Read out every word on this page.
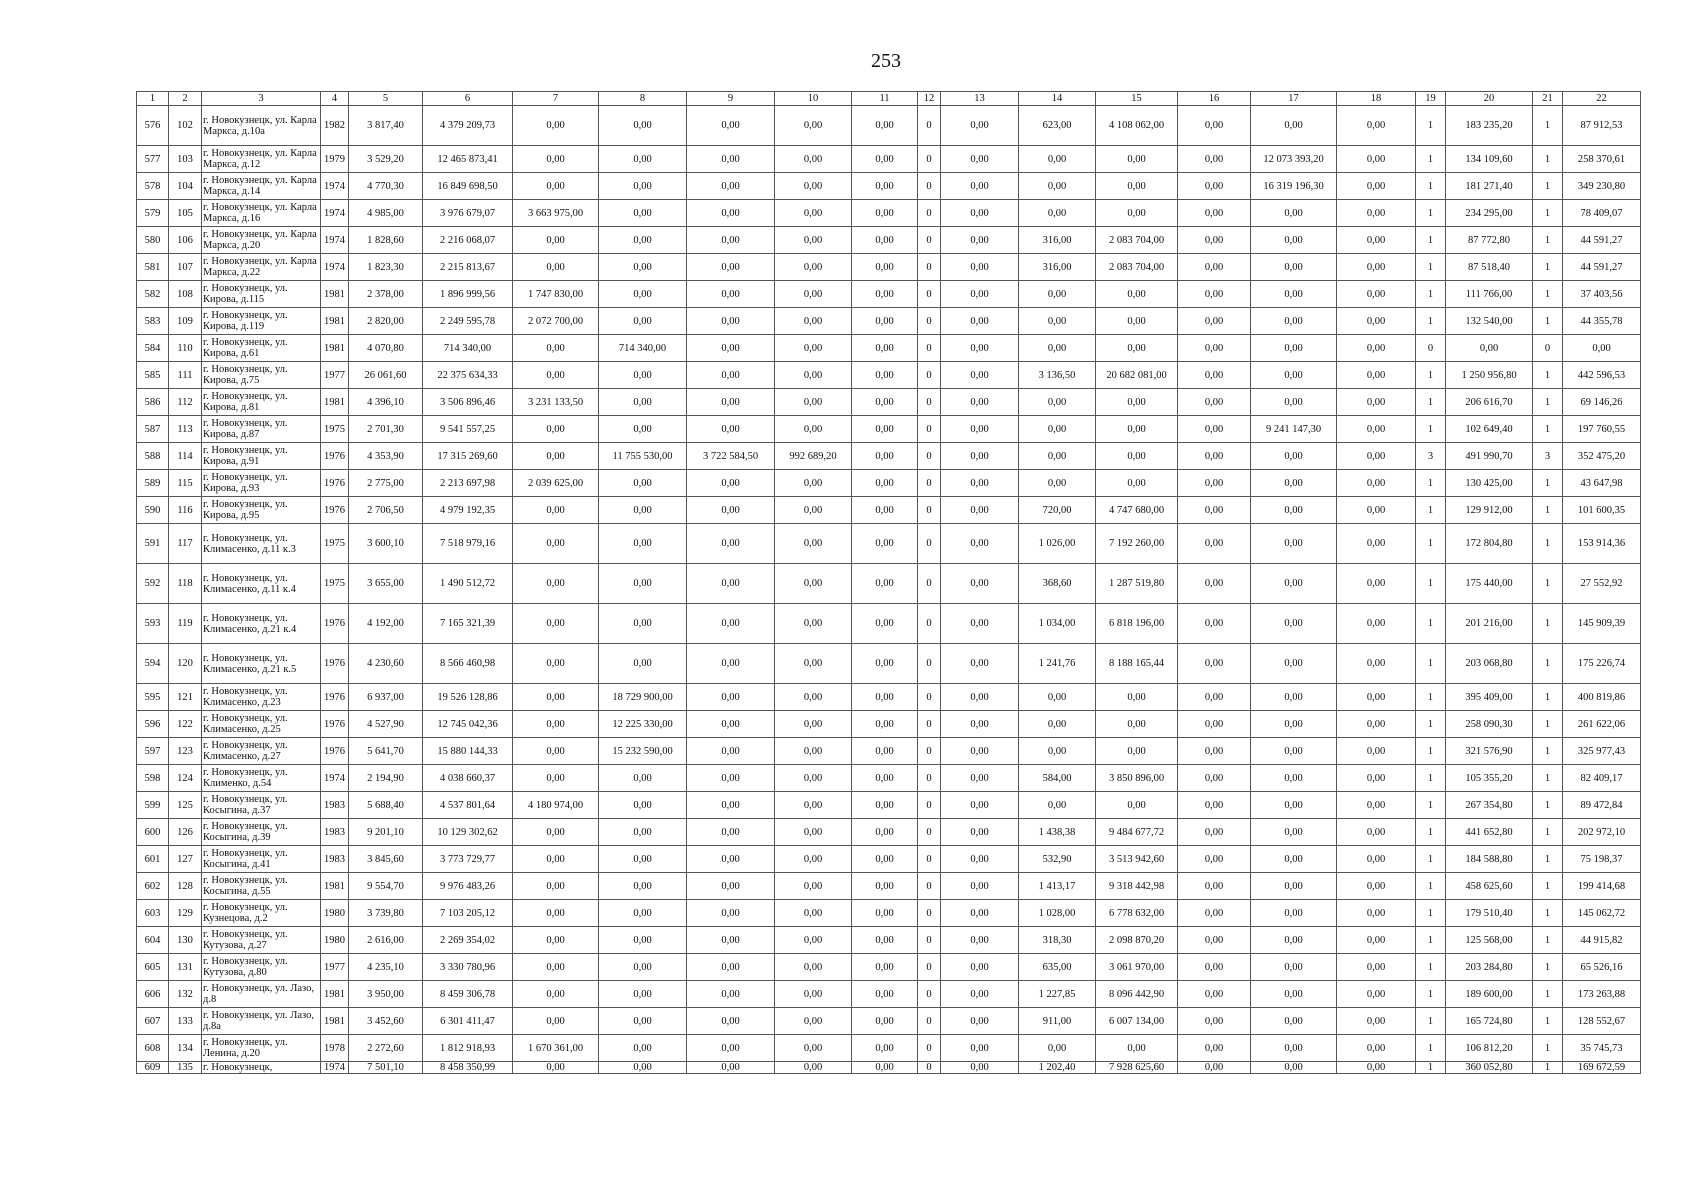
253
1	2	3	4	5	6	7	8	9	10	11	12	13	14	15	16	17	18	19	20	21	22
576	102	г. Новокузнецк, ул. Карла Маркса, д.10а	1982	3 817,40	4 379 209,73	0,00	0,00	0,00	0,00	0,00	0	0,00	623,00	4 108 062,00	0,00	0,00	0,00	1	183 235,20	1	87 912,53
577	103	г. Новокузнецк, ул. Карла Маркса, д.12	1979	3 529,20	12 465 873,41	0,00	0,00	0,00	0,00	0,00	0	0,00	0,00	0,00	0,00	12 073 393,20	0,00	1	134 109,60	1	258 370,61
578	104	г. Новокузнецк, ул. Карла Маркса, д.14	1974	4 770,30	16 849 698,50	0,00	0,00	0,00	0,00	0,00	0	0,00	0,00	0,00	0,00	16 319 196,30	0,00	1	181 271,40	1	349 230,80
579	105	г. Новокузнецк, ул. Карла Маркса, д.16	1974	4 985,00	3 976 679,07	3 663 975,00	0,00	0,00	0,00	0,00	0	0,00	0,00	0,00	0,00	0,00	0,00	1	234 295,00	1	78 409,07
580	106	г. Новокузнецк, ул. Карла Маркса, д.20	1974	1 828,60	2 216 068,07	0,00	0,00	0,00	0,00	0,00	0	0,00	316,00	2 083 704,00	0,00	0,00	0,00	1	87 772,80	1	44 591,27
581	107	г. Новокузнецк, ул. Карла Маркса, д.22	1974	1 823,30	2 215 813,67	0,00	0,00	0,00	0,00	0,00	0	0,00	316,00	2 083 704,00	0,00	0,00	0,00	1	87 518,40	1	44 591,27
582	108	г. Новокузнецк, ул. Кирова, д.115	1981	2 378,00	1 896 999,56	1 747 830,00	0,00	0,00	0,00	0,00	0	0,00	0,00	0,00	0,00	0,00	0,00	1	111 766,00	1	37 403,56
583	109	г. Новокузнецк, ул. Кирова, д.119	1981	2 820,00	2 249 595,78	2 072 700,00	0,00	0,00	0,00	0,00	0	0,00	0,00	0,00	0,00	0,00	0,00	1	132 540,00	1	44 355,78
584	110	г. Новокузнецк, ул. Кирова, д.61	1981	4 070,80	714 340,00	0,00	714 340,00	0,00	0,00	0,00	0	0,00	0,00	0,00	0,00	0,00	0,00	0	0,00	0	0,00
585	111	г. Новокузнецк, ул. Кирова, д.75	1977	26 061,60	22 375 634,33	0,00	0,00	0,00	0,00	0,00	0	0,00	3 136,50	20 682 081,00	0,00	0,00	0,00	1	1 250 956,80	1	442 596,53
586	112	г. Новокузнецк, ул. Кирова, д.81	1981	4 396,10	3 506 896,46	3 231 133,50	0,00	0,00	0,00	0,00	0	0,00	0,00	0,00	0,00	0,00	0,00	1	206 616,70	1	69 146,26
587	113	г. Новокузнецк, ул. Кирова, д.87	1975	2 701,30	9 541 557,25	0,00	0,00	0,00	0,00	0,00	0	0,00	0,00	0,00	0,00	9 241 147,30	0,00	1	102 649,40	1	197 760,55
588	114	г. Новокузнецк, ул. Кирова, д.91	1976	4 353,90	17 315 269,60	0,00	11 755 530,00	3 722 584,50	992 689,20	0,00	0	0,00	0,00	0,00	0,00	0,00	0,00	3	491 990,70	3	352 475,20
589	115	г. Новокузнецк, ул. Кирова, д.93	1976	2 775,00	2 213 697,98	2 039 625,00	0,00	0,00	0,00	0,00	0	0,00	0,00	0,00	0,00	0,00	0,00	1	130 425,00	1	43 647,98
590	116	г. Новокузнецк, ул. Кирова, д.95	1976	2 706,50	4 979 192,35	0,00	0,00	0,00	0,00	0,00	0	0,00	720,00	4 747 680,00	0,00	0,00	0,00	1	129 912,00	1	101 600,35
591	117	г. Новокузнецк, ул. Климасенко, д.11 к.3	1975	3 600,10	7 518 979,16	0,00	0,00	0,00	0,00	0,00	0	0,00	1 026,00	7 192 260,00	0,00	0,00	0,00	1	172 804,80	1	153 914,36
592	118	г. Новокузнецк, ул. Климасенко, д.11 к.4	1975	3 655,00	1 490 512,72	0,00	0,00	0,00	0,00	0,00	0	0,00	368,60	1 287 519,80	0,00	0,00	0,00	1	175 440,00	1	27 552,92
593	119	г. Новокузнецк, ул. Климасенко, д.21 к.4	1976	4 192,00	7 165 321,39	0,00	0,00	0,00	0,00	0,00	0	0,00	1 034,00	6 818 196,00	0,00	0,00	0,00	1	201 216,00	1	145 909,39
594	120	г. Новокузнецк, ул. Климасенко, д.21 к.5	1976	4 230,60	8 566 460,98	0,00	0,00	0,00	0,00	0,00	0	0,00	1 241,76	8 188 165,44	0,00	0,00	0,00	1	203 068,80	1	175 226,74
595	121	г. Новокузнецк, ул. Климасенко, д.23	1976	6 937,00	19 526 128,86	0,00	18 729 900,00	0,00	0,00	0,00	0	0,00	0,00	0,00	0,00	0,00	0,00	1	395 409,00	1	400 819,86
596	122	г. Новокузнецк, ул. Климасенко, д.25	1976	4 527,90	12 745 042,36	0,00	12 225 330,00	0,00	0,00	0,00	0	0,00	0,00	0,00	0,00	0,00	0,00	1	258 090,30	1	261 622,06
597	123	г. Новокузнецк, ул. Климасенко, д.27	1976	5 641,70	15 880 144,33	0,00	15 232 590,00	0,00	0,00	0,00	0	0,00	0,00	0,00	0,00	0,00	0,00	1	321 576,90	1	325 977,43
598	124	г. Новокузнецк, ул. Клименко, д.54	1974	2 194,90	4 038 660,37	0,00	0,00	0,00	0,00	0,00	0	0,00	584,00	3 850 896,00	0,00	0,00	0,00	1	105 355,20	1	82 409,17
599	125	г. Новокузнецк, ул. Косыгина, д.37	1983	5 688,40	4 537 801,64	4 180 974,00	0,00	0,00	0,00	0,00	0	0,00	0,00	0,00	0,00	0,00	0,00	1	267 354,80	1	89 472,84
600	126	г. Новокузнецк, ул. Косыгина, д.39	1983	9 201,10	10 129 302,62	0,00	0,00	0,00	0,00	0,00	0	0,00	1 438,38	9 484 677,72	0,00	0,00	0,00	1	441 652,80	1	202 972,10
601	127	г. Новокузнецк, ул. Косыгина, д.41	1983	3 845,60	3 773 729,77	0,00	0,00	0,00	0,00	0,00	0	0,00	532,90	3 513 942,60	0,00	0,00	0,00	1	184 588,80	1	75 198,37
602	128	г. Новокузнецк, ул. Косыгина, д.55	1981	9 554,70	9 976 483,26	0,00	0,00	0,00	0,00	0,00	0	0,00	1 413,17	9 318 442,98	0,00	0,00	0,00	1	458 625,60	1	199 414,68
603	129	г. Новокузнецк, ул. Кузнецова, д.2	1980	3 739,80	7 103 205,12	0,00	0,00	0,00	0,00	0,00	0	0,00	1 028,00	6 778 632,00	0,00	0,00	0,00	1	179 510,40	1	145 062,72
604	130	г. Новокузнецк, ул. Кутузова, д.27	1980	2 616,00	2 269 354,02	0,00	0,00	0,00	0,00	0,00	0	0,00	318,30	2 098 870,20	0,00	0,00	0,00	1	125 568,00	1	44 915,82
605	131	г. Новокузнецк, ул. Кутузова, д.80	1977	4 235,10	3 330 780,96	0,00	0,00	0,00	0,00	0,00	0	0,00	635,00	3 061 970,00	0,00	0,00	0,00	1	203 284,80	1	65 526,16
606	132	г. Новокузнецк, ул. Лазо, д.8	1981	3 950,00	8 459 306,78	0,00	0,00	0,00	0,00	0,00	0	0,00	1 227,85	8 096 442,90	0,00	0,00	0,00	1	189 600,00	1	173 263,88
607	133	г. Новокузнецк, ул. Лазо, д.8а	1981	3 452,60	6 301 411,47	0,00	0,00	0,00	0,00	0,00	0	0,00	911,00	6 007 134,00	0,00	0,00	0,00	1	165 724,80	1	128 552,67
608	134	г. Новокузнецк, ул. Ленина, д.20	1978	2 272,60	1 812 918,93	1 670 361,00	0,00	0,00	0,00	0,00	0	0,00	0,00	0,00	0,00	0,00	0,00	1	106 812,20	1	35 745,73
609	135	г. Новокузнецк,	1974	7 501,10	8 458 350,99	0,00	0,00	0,00	0,00	0,00	0	0,00	1 202,40	7 928 625,60	0,00	0,00	0,00	1	360 052,80	1	169 672,59
